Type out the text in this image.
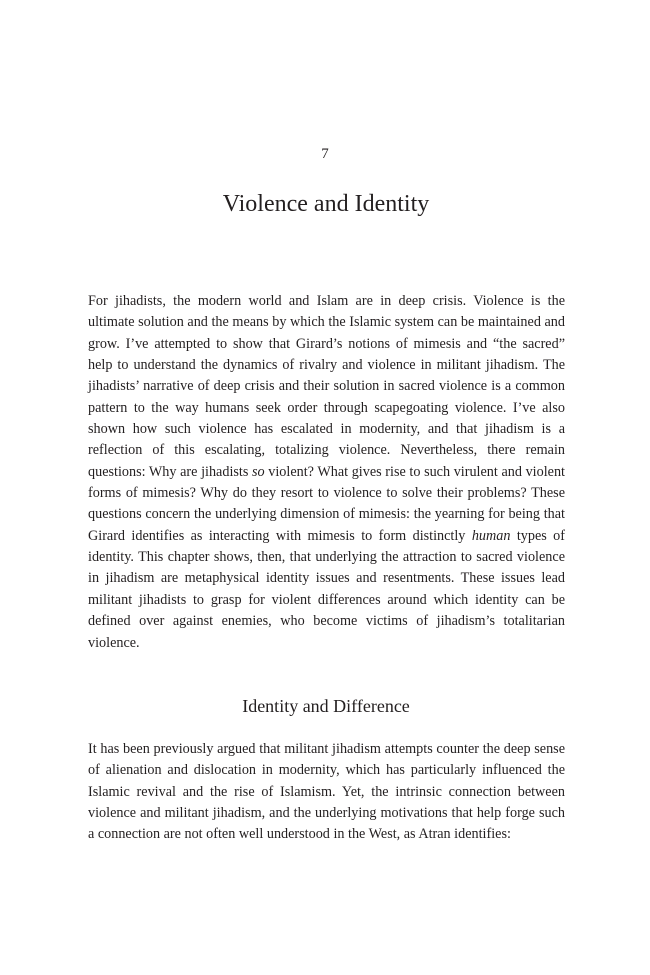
7
Violence and Identity

For jihadists, the modern world and Islam are in deep crisis. Violence is the ultimate solution and the means by which the Islamic system can be maintained and grow. I’ve attempted to show that Girard’s notions of mimesis and “the sacred” help to understand the dynamics of rivalry and violence in militant jihadism. The jihadists’ narrative of deep crisis and their solution in sacred violence is a common pattern to the way humans seek order through scapegoating violence. I’ve also shown how such violence has escalated in modernity, and that jihadism is a reflection of this escalating, totalizing violence. Nevertheless, there remain questions: Why are jihadists so violent? What gives rise to such virulent and violent forms of mimesis? Why do they resort to violence to solve their problems? These questions concern the underlying dimension of mimesis: the yearning for being that Girard identifies as interacting with mimesis to form distinctly human types of identity. This chapter shows, then, that underlying the attraction to sacred violence in jihadism are metaphysical identity issues and resentments. These issues lead militant jihadists to grasp for violent differences around which identity can be defined over against enemies, who become victims of jihadism’s totalitarian violence.

Identity and Difference

It has been previously argued that militant jihadism attempts counter the deep sense of alienation and dislocation in modernity, which has particularly influenced the Islamic revival and the rise of Islamism. Yet, the intrinsic connection between violence and militant jihadism, and the underlying motivations that help forge such a connection are not often well understood in the West, as Atran identifies:
